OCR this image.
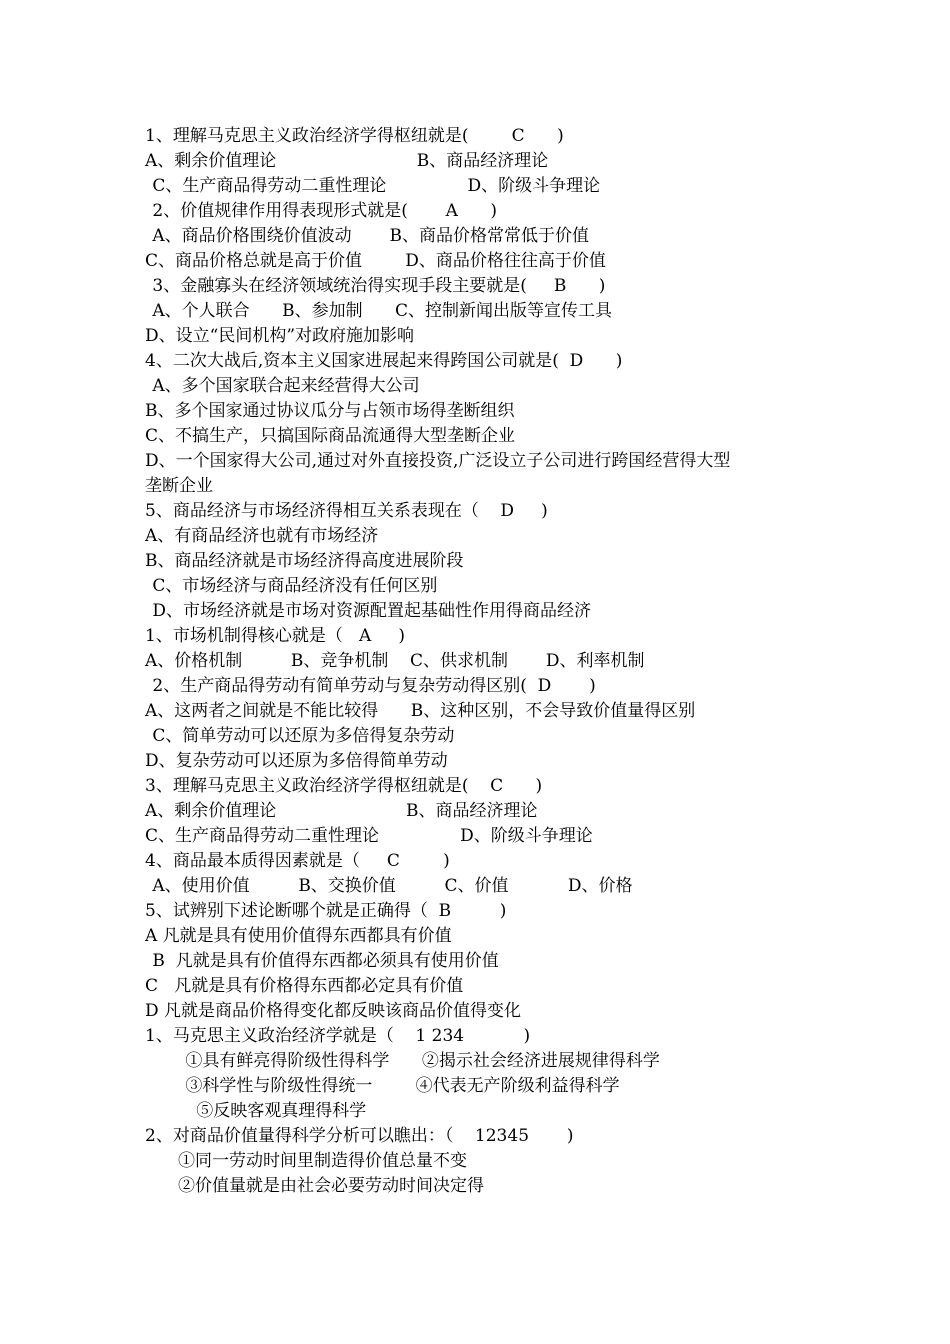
1、理解马克思主义政治经济学得枢纽就是(        C      )
A、剩余价值理论                          B、商品经济理论
C、生产商品得劳动二重性理论               D、阶级斗争理论
2、价值规律作用得表现形式就是(       A      )
A、商品价格围绕价值波动       B、商品价格常常低于价值
C、商品价格总就是高于价值        D、商品价格往往高于价值
3、金融寡头在经济领域统治得实现手段主要就是(     B      )
A、个人联合      B、参加制      C、控制新闻出版等宣传工具
D、设立“民间机构”对政府施加影响
4、二次大战后,资本主义国家进展起来得跨国公司就是(  D      )
A、多个国家联合起来经营得大公司
B、多个国家通过协议瓜分与占领市场得垄断组织
C、不搞生产，只搞国际商品流通得大型垄断企业
D、一个国家得大公司,通过对外直接投资,广泛设立子公司进行跨国经营得大型
垄断企业
5、商品经济与市场经济得相互关系表现在（    D     )
A、有商品经济也就有市场经济
B、商品经济就是市场经济得高度进展阶段
C、市场经济与商品经济没有任何区别
D、市场经济就是市场对资源配置起基础性作用得商品经济
1、市场机制得核心就是（   A     )
A、价格机制         B、竞争机制    C、供求机制       D、利率机制
2、生产商品得劳动有简单劳动与复杂劳动得区别(  D       )
A、这两者之间就是不能比较得      B、这种区别，不会导致价值量得区别
C、简单劳动可以还原为多倍得复杂劳动
D、复杂劳动可以还原为多倍得简单劳动
3、理解马克思主义政治经济学得枢纽就是(    C      )
A、剩余价值理论                        B、商品经济理论
C、生产商品得劳动二重性理论               D、阶级斗争理论
4、商品最本质得因素就是（     C        )
A、使用价值         B、交换价值         C、价值           D、价格
5、试辨别下述论断哪个就是正确得（  B         )
A 凡就是具有使用价值得东西都具有价值
B  凡就是具有价值得东西都必须具有使用价值
C   凡就是具有价格得东西都必定具有价值
D 凡就是商品价格得变化都反映该商品价值得变化
1、马克思主义政治经济学就是（    1 234           )
①具有鲜亮得阶级性得科学      ②揭示社会经济进展规律得科学
③科学性与阶级性得统一        ④代表无产阶级利益得科学
⑤反映客观真理得科学
2、对商品价值量得科学分析可以瞧出：（    12345       )
①同一劳动时间里制造得价值总量不变
②价值量就是由社会必要劳动时间决定得
